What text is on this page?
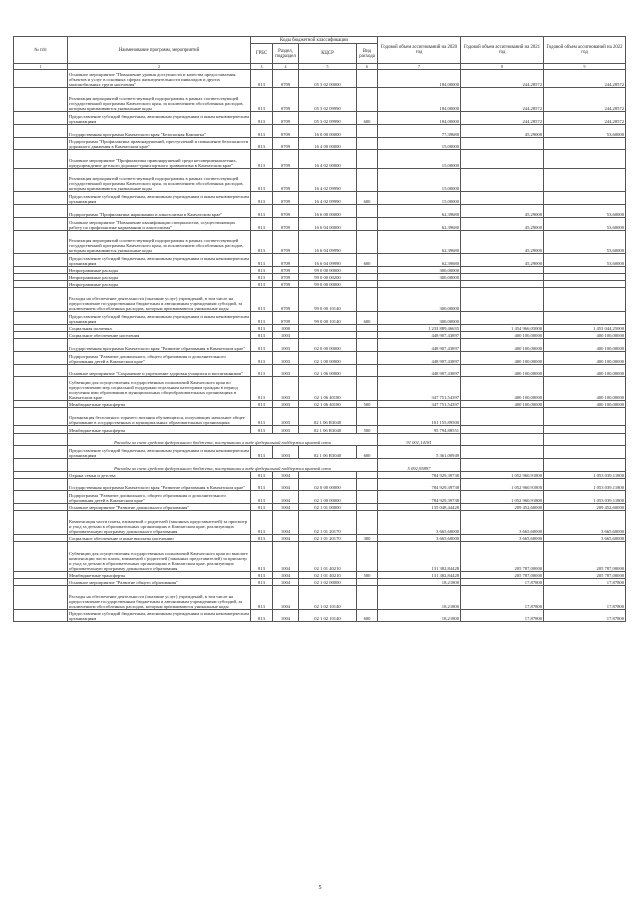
№ п/п	Наименование программ, мероприятий	Коды бюджетной классификации				Годовой объем ассигнований на 2020 год	Годовой объем ассигнований на 2021 год	Годовой объем ассигнований на 2022 год
		ГРБС	Раздел, подраздел	КЦСР	Вид расхода			
1	2	3	4	5	6	7	8	9
	Основное мероприятие "Повышение уровня доступности и качества предоставления объектов и услуг в основных сферах жизнедеятельности инвалидов и других маломобильных групп населения"	813	0709	05 3 02 00000		184,00000	244,28572	244,28572
	Реализация мероприятий соответствующей подпрограммы в рамках соответствующей государственной программы Камчатского края, за исключением обособленных расходов, которым присваиваются уникальные коды	813	0709	05 3 02 09990		184,00000	244,28572	244,28572
	Предоставление субсидий бюджетным, автономным учреждениям и иным некоммерческим организациям	813	0709	05 3 02 09990	600	184,00000	244,28572	244,28572
	Государственная программа Камчатского края "Безопасная Камчатка"	813	0709	16 0 00 00000		77,39680	45,29000	53,60000
	Подпрограмма "Профилактика правонарушений, преступлений и повышение безопасности дорожного движения в Камчатском крае"	813	0709	16 4 00 00000		15,00000		
	Основное мероприятие "Профилактика правонарушений среди несовершеннолетних, предупреждение детского дорожно-транспортного травматизма в Камчатском крае"	813	0709	16 4 02 00000		15,00000		
	Реализация мероприятий соответствующей подпрограммы в рамках соответствующей государственной программы Камчатского края, за исключением обособленных расходов, которым присваиваются уникальные коды	813	0709	16 4 02 09990		15,00000		
	Предоставление субсидий бюджетным, автономным учреждениям и иным некоммерческим организациям	813	0709	16 4 02 09990	600	15,00000		
	Подпрограмма "Профилактика наркомании и алкоголизма в Камчатском крае"	813	0709	16 6 00 00000		62,39680	45,29000	53,60000
	Основное мероприятие "Повышение квалификации специалистов, осуществляющих работу по профилактике наркомании и алкоголизма"	813	0709	16 6 04 00000		62,39680	45,29000	53,60000
	Реализация мероприятий соответствующей подпрограммы в рамках соответствующей государственной программы Камчатского края, за исключением обособленных расходов, которым присваиваются уникальные коды	813	0709	16 6 04 09990		62,39680	45,29000	53,60000
	Предоставление субсидий бюджетным, автономным учреждениям и иным некоммерческим организациям	813	0709	16 6 04 09990	600	62,39680	45,29000	53,60000
	Непрограммные расходы	813	0709	99 0 00 00000		300,00000		
	Непрограммные расходы	813	0709	99 0 00 00200		300,00000		
	Непрограммные расходы	813	0709	99 0 00 00000				
	Расходы на обеспечение деятельности (оказание услуг) учреждений, в том числе на предоставление государственным бюджетным и автономным учреждениям субсидий, за исключением обособленных расходов, которым присваиваются уникальные коды	813	0709	99 0 00 10140		300,00000		
	Предоставление субсидий бюджетным, автономным учреждениям и иным некоммерческим организациям	813	0709	99 0 00 10140	600	300,00000		
	Социальная политика	813	1000			1 233 889,46635	1 454 966,05000	1 453 044,25000
	Социальное обеспечение населения	813	1003			448 907,43897	400 100,00000	400 100,00000
	Государственная программа Камчатского края "Развитие образования в Камчатском крае"	813	1003	02 0 00 00000		448 907,43897	400 100,00000	400 100,00000
	Подпрограмма "Развитие дошкольного, общего образования и дополнительного образования детей в Камчатском крае"	813	1003	02 1 00 00000		448 907,43897	400 100,00000	400 100,00000
	Основное мероприятие "Сохранение и укрепление здоровья учащихся и воспитанников"	813	1003	02 1 06 00000		448 907,43897	400 100,00000	400 100,00000
	Субвенции для осуществления государственных полномочий Камчатского края по предоставлению мер социальной поддержки отдельным категориям граждан в период получения ими образования в муниципальных общеобразовательных организациях в Камчатском крае	813	1003	02 1 06 40180		347 751,54397	400 100,00000	400 100,00000
	Межбюджетные трансферты	813	1003	02 1 06 40180	500	347 751,54397	400 100,00000	400 100,00000
	Организация бесплатного горячего питания обучающихся, получающих начальное общее образование в государственных и муниципальных образовательных организациях	813	1003	02 1 06 R3040		101 155,89500		
	Межбюджетные трансферты	813	1003	02 1 06 R3040	500	95 794,88551		
	Расходы за счет средств федерального бюджета, поступивших в виде федеральной поддержки краевой сети					91 001,14181		
	Предоставление субсидий бюджетным, автономным учреждениям и иным некоммерческим организациям	813	1003	02 1 06 R3040	600	5 361,00949		
	Расходы за счет средств федерального бюджета, поступивших в виде федеральной поддержки краевой сети					5 092,95897		
	Охрана семьи и детства	813	1004			784 929,39738	1 052 960,91800	1 053 039,11800
	Государственная программа Камчатского края "Развитие образования в Камчатском крае"	813	1004	02 0 00 00000		784 929,39738	1 052 960,91800	1 053 039,11800
	Подпрограмма "Развитие дошкольного, общего образования и дополнительного образования детей в Камчатском крае"	813	1004	02 1 00 00000		784 929,39738	1 052 960,91800	1 053 039,11800
	Основное мероприятие "Развитие дошкольного образования"	813	1004	02 1 01 00000		135 048,44428	209 452,60000	209 452,60000
	Компенсация части платы, взимаемой с родителей (законных представителей) за присмотр и уход за детьми в образовательных организациях в Камчатском крае, реализующих образовательную программу дошкольного образования	813	1004	02 1 01 20170		3 665,60000	3 665,60000	3 665,60000
	Социальное обеспечение и иные выплаты населению	813	1004	02 1 01 20170	300	3 665,60000	3 665,60000	3 665,60000
	Субвенции для осуществления государственных полномочий Камчатского края по выплате компенсации части платы, взимаемой с родителей (законных представителей) за присмотр и уход за детьми в образовательных организациях в Камчатском крае, реализующих образовательную программу дошкольного образования	813	1004	02 1 01 40210		131 382,84428	205 787,00000	205 787,00000
	Межбюджетные трансферты	813	1004	02 1 01 40210	500	131 382,84428	205 787,00000	205 787,00000
	Основное мероприятие "Развитие общего образования"	813	1004	02 1 02 00000		18,21800	17,87800	17,87800
	Расходы на обеспечение деятельности (оказание услуг) учреждений, в том числе на предоставление государственным бюджетным и автономным учреждениям субсидий, за исключением обособленных расходов, которым присваиваются уникальные коды	813	1004	02 1 02 10140		18,21800	17,87800	17,87800
	Предоставление субсидий бюджетным, автономным учреждениям и иным некоммерческим организациям	813	1004	02 1 02 10140	600	18,21800	17,87800	17,87800
5
